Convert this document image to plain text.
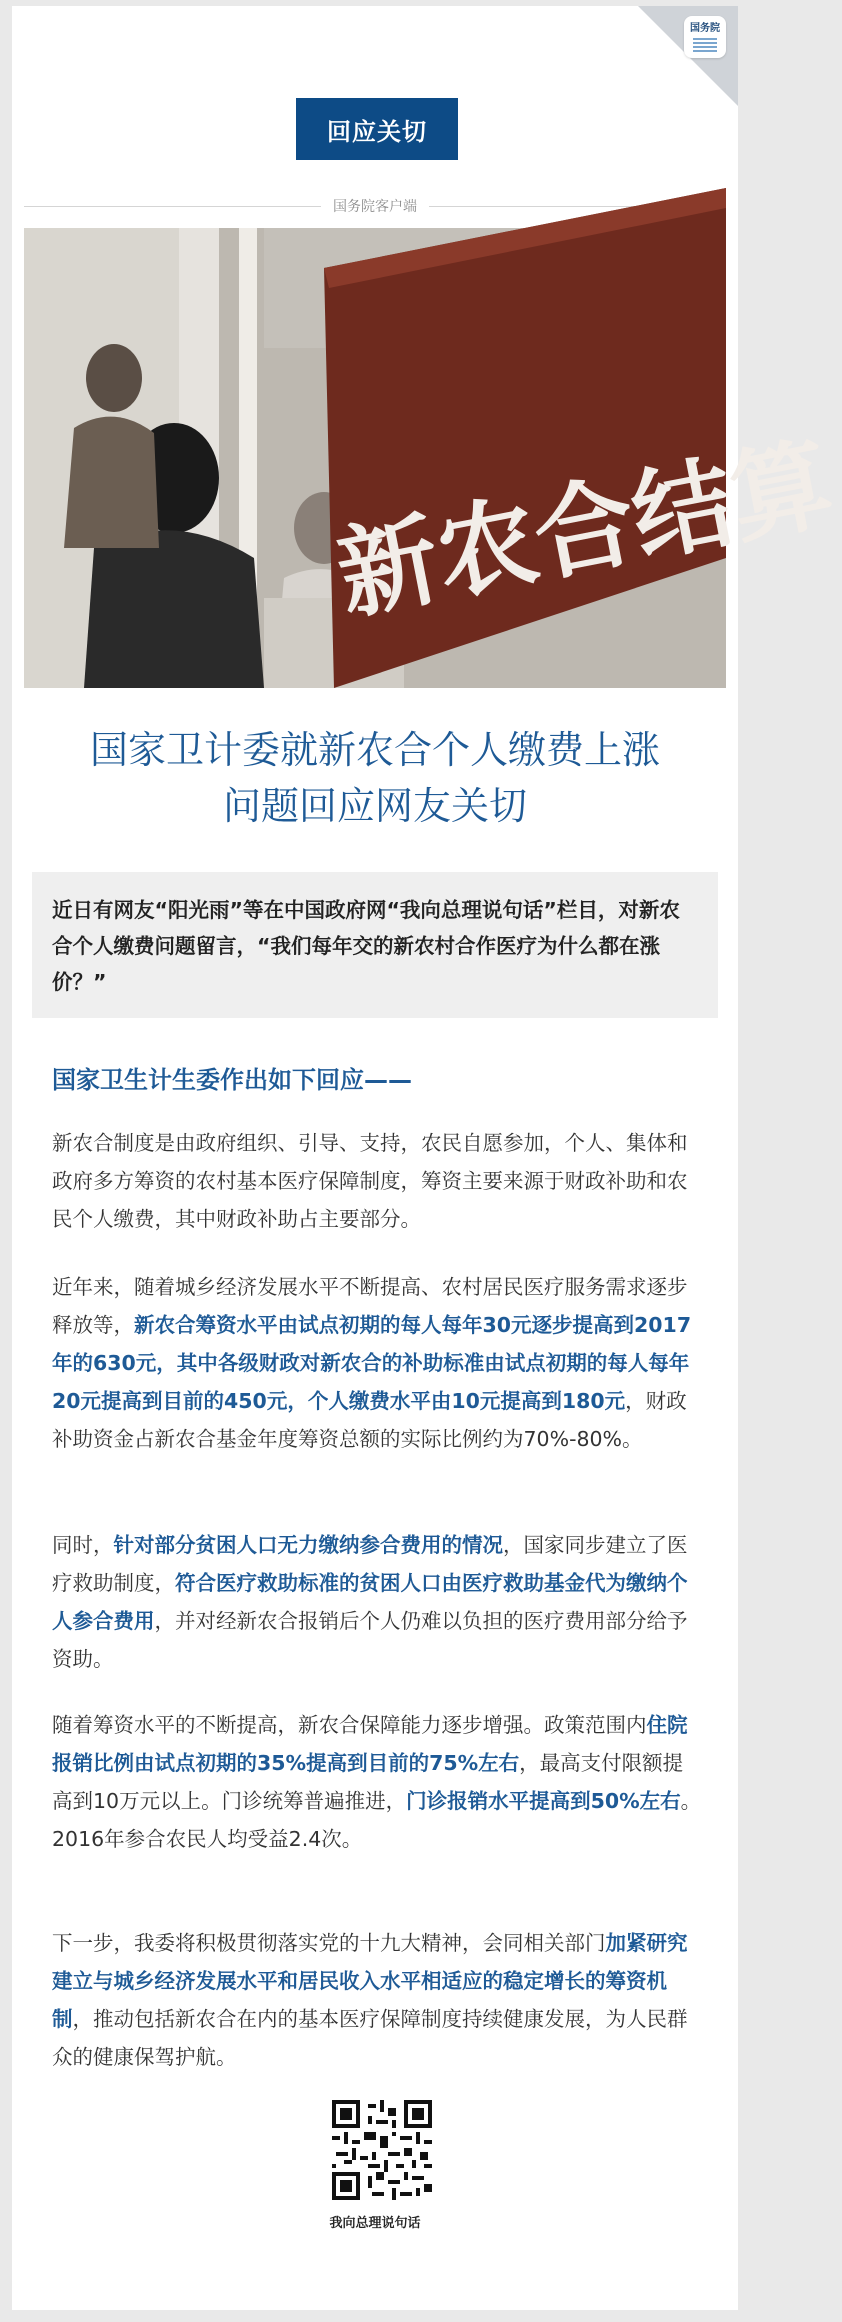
国务院
回应关切
国务院客户端
新农合结算
国家卫计委就新农合个人缴费上涨
问题回应网友关切
近日有网友“阳光雨”等在中国政府网“我向总理说句话”栏目，对新农合个人缴费问题留言，“我们每年交的新农村合作医疗为什么都在涨价？”
国家卫生计生委作出如下回应——
新农合制度是由政府组织、引导、支持，农民自愿参加，个人、集体和政府多方筹资的农村基本医疗保障制度，筹资主要来源于财政补助和农民个人缴费，其中财政补助占主要部分。
近年来，随着城乡经济发展水平不断提高、农村居民医疗服务需求逐步释放等，新农合筹资水平由试点初期的每人每年30元逐步提高到2017年的630元，其中各级财政对新农合的补助标准由试点初期的每人每年20元提高到目前的450元，个人缴费水平由10元提高到180元，财政补助资金占新农合基金年度筹资总额的实际比例约为70%-80%。
同时，针对部分贫困人口无力缴纳参合费用的情况，国家同步建立了医疗救助制度，符合医疗救助标准的贫困人口由医疗救助基金代为缴纳个人参合费用，并对经新农合报销后个人仍难以负担的医疗费用部分给予资助。
随着筹资水平的不断提高，新农合保障能力逐步增强。政策范围内住院报销比例由试点初期的35%提高到目前的75%左右，最高支付限额提高到10万元以上。门诊统筹普遍推进，门诊报销水平提高到50%左右。2016年参合农民人均受益2.4次。
下一步，我委将积极贯彻落实党的十九大精神，会同相关部门加紧研究建立与城乡经济发展水平和居民收入水平相适应的稳定增长的筹资机制，推动包括新农合在内的基本医疗保障制度持续健康发展，为人民群众的健康保驾护航。
我向总理说句话
